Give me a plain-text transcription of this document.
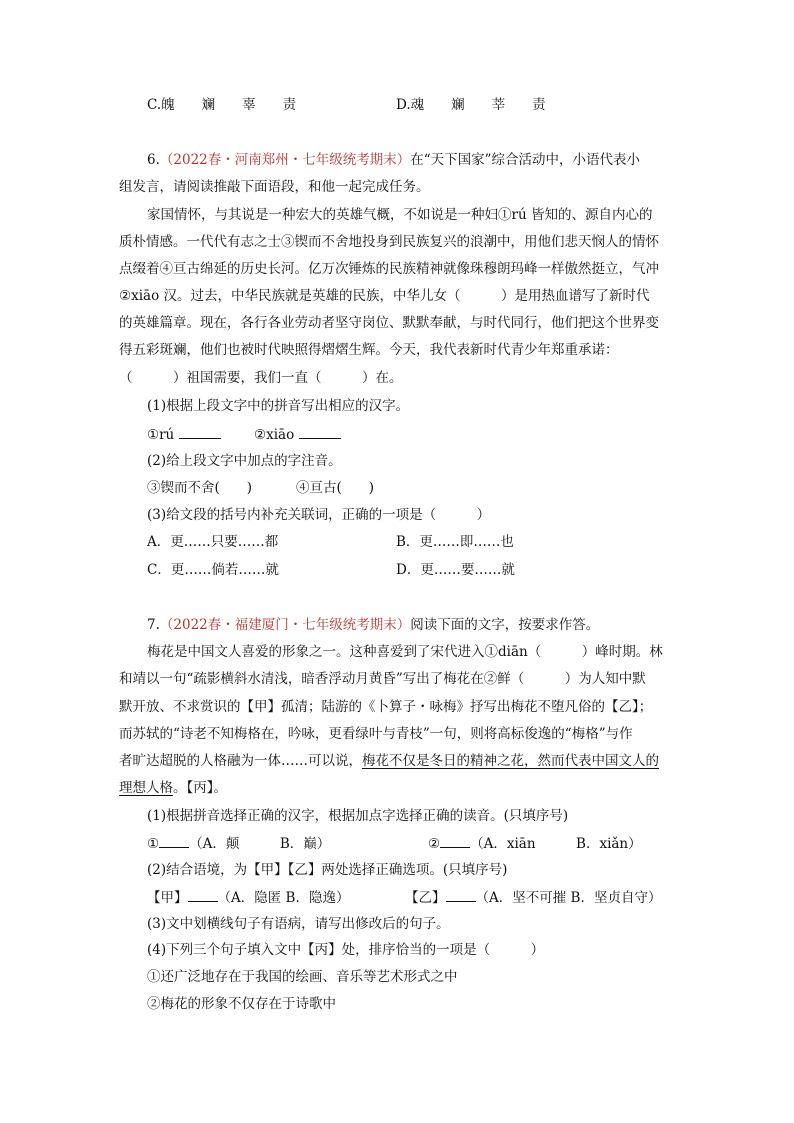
C.魄　　斓　　辜　　责	D.魂　　斓　　莘　　责
6.（2022春・河南郑州・七年级统考期末）在“天下国家”综合活动中，小语代表小
组发言，请阅读推敲下面语段，和他一起完成任务。
家国情怀，与其说是一种宏大的英雄气概，不如说是一种妇①rú 皆知的、源自内心的
质朴情感。一代代有志之士③锲而不舍地投身到民族复兴的浪潮中，用他们悲天悯人的情怀
点缀着④亘古绵延的历史长河。亿万次锤炼的民族精神就像珠穆朗玛峰一样傲然挺立，气冲
②xiāo 汉。过去，中华民族就是英雄的民族，中华儿女（　　　）是用热血谱写了新时代
的英雄篇章。现在，各行各业劳动者坚守岗位、默默奉献，与时代同行，他们把这个世界变
得五彩斑斓，他们也被时代映照得熠熠生辉。今天，我代表新时代青少年郑重承诺：
（　　　）祖国需要，我们一直（　　　）在。
(1)根据上段文字中的拼音写出相应的汉字。
①rú	②xiāo
(2)给上段文字中加点的字注音。
③锲而不舍(　　)	④亘古(　　)
(3)给文段的括号内补充关联词，正确的一项是（　　　）
A．更……只要……都	B．更……即……也
C．更……倘若……就	D．更……要……就
7.（2022春・福建厦门・七年级统考期末）阅读下面的文字，按要求作答。
梅花是中国文人喜爱的形象之一。这种喜爱到了宋代进入①diān（　　　）峰时期。林
和靖以一句“疏影横斜水清浅，暗香浮动月黄昏”写出了梅花在②鲜（　　　）为人知中默
默开放、不求赏识的【甲】孤清；陆游的《卜算子・咏梅》抒写出梅花不堕凡俗的【乙】；
而苏轼的“诗老不知梅格在，吟咏，更看绿叶与青枝”一句，则将高标俊逸的“梅格”与作
者旷达超脱的人格融为一体……可以说，梅花不仅是冬日的精神之花，然而代表中国文人的
理想人格。【丙】。
(1)根据拼音选择正确的汉字，根据加点字选择正确的读音。(只填序号)
① （A．颠　　　B．巅）	② （A．xiān　　　B．xiǎn）
(2)结合语境，为【甲】【乙】两处选择正确选项。(只填序号)
【甲】 （A．隐匿 B．隐逸）	【乙】 （A．坚不可摧 B．坚贞自守）
(3)文中划横线句子有语病，请写出修改后的句子。
(4)下列三个句子填入文中【丙】处，排序恰当的一项是（　　　）
①还广泛地存在于我国的绘画、音乐等艺术形式之中
②梅花的形象不仅存在于诗歌中
